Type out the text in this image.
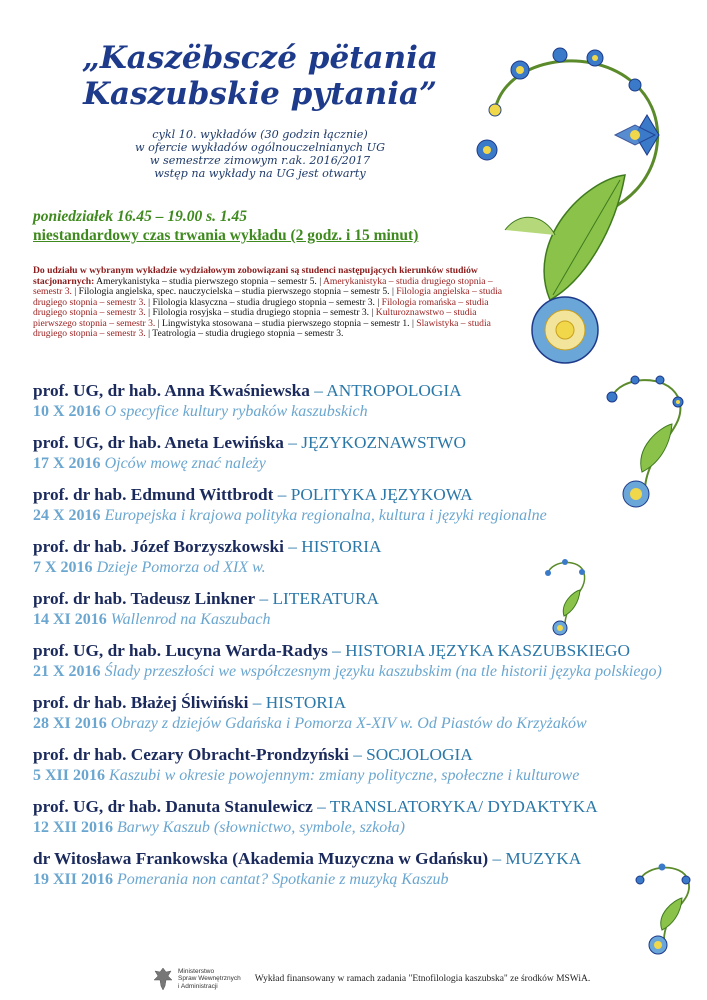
„Kaszëbsczé pëtania
Kaszubskie pytania”
cykl 10. wykładów (30 godzin łącznie)
w ofercie wykładów ogólnouczelnianych UG
w semestrze zimowym r.ak. 2016/2017
wstęp na wykłady na UG jest otwarty
poniedziałek 16.45 – 19.00 s. 1.45
niestandardowy czas trwania wykładu (2 godz. i 15 minut)
Do udziału w wybranym wykładzie wydziałowym zobowiązani są studenci następujących kierunków studiów stacjonarnych: Amerykanistyka – studia pierwszego stopnia – semestr 5. | Amerykanistyka – studia drugiego stopnia – semestr 3. | Filologia angielska, spec. nauczycielska – studia pierwszego stopnia – semestr 5. | Filologia angielska – studia drugiego stopnia – semestr 3. | Filologia klasyczna – studia drugiego stopnia – semestr 3. | Filologia romańska – studia drugiego stopnia – semestr 3. | Filologia rosyjska – studia drugiego stopnia – semestr 3. | Kulturoznawstwo – studia pierwszego stopnia – semestr 3. | Lingwistyka stosowana – studia pierwszego stopnia – semestr 1. | Slawistyka – studia drugiego stopnia – semestr 3. | Teatrologia – studia drugiego stopnia – semestr 3.
prof. UG, dr hab. Anna Kwaśniewska – ANTROPOLOGIA
10 X 2016 O specyfice kultury rybaków kaszubskich
prof. UG, dr hab. Aneta Lewińska – JĘZYKOZNAWSTWO
17 X 2016 Ojców mowę znać należy
prof. dr hab. Edmund Wittbrodt – POLITYKA JĘZYKOWA
24 X 2016 Europejska i krajowa polityka regionalna, kultura i języki regionalne
prof. dr hab. Józef Borzyszkowski – HISTORIA
7 X 2016 Dzieje Pomorza od XIX w.
prof. dr hab. Tadeusz Linkner – LITERATURA
14 XI 2016 Wallenrod na Kaszubach
prof. UG, dr hab. Lucyna Warda-Radys – HISTORIA JĘZYKA KASZUBSKIEGO
21 X 2016 Ślady przeszłości we współczesnym języku kaszubskim (na tle historii języka polskiego)
prof. dr hab. Błażej Śliwiński – HISTORIA
28 XI 2016 Obrazy z dziejów Gdańska i Pomorza X-XIV w. Od Piastów do Krzyżaków
prof. dr hab. Cezary Obracht-Prondzyński – SOCJOLOGIA
5 XII 2016 Kaszubi w okresie powojennym: zmiany polityczne, społeczne i kulturowe
prof. UG, dr hab. Danuta Stanulewicz – TRANSLATORYKA/ DYDAKTYKA
12 XII 2016 Barwy Kaszub (słownictwo, symbole, szkoła)
dr Witosława Frankowska (Akademia Muzyczna w Gdańsku) – MUZYKA
19 XII 2016 Pomerania non cantat? Spotkanie z muzyką Kaszub
Ministerstwo
Spraw Wewnętrznych
i Administracji
Wykład finansowany w ramach zadania "Etnofilologia kaszubska" ze środków MSWiA.
